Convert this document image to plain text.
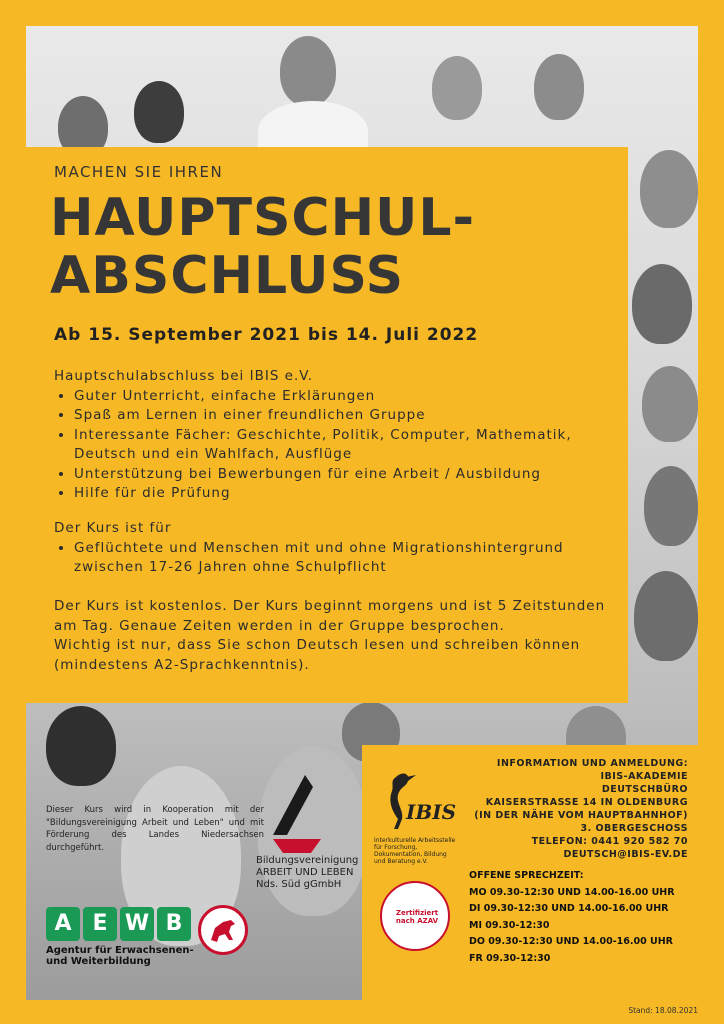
MACHEN SIE IHREN
HAUPTSCHUL-
ABSCHLUSS
Ab 15. September 2021 bis 14. Juli 2022
Hauptschulabschluss bei IBIS e.V.
• Guter Unterricht, einfache Erklärungen
• Spaß am Lernen in einer freundlichen Gruppe
• Interessante Fächer: Geschichte, Politik, Computer, Mathematik, Deutsch und ein Wahlfach, Ausflüge
• Unterstützung bei Bewerbungen für eine Arbeit / Ausbildung
• Hilfe für die Prüfung
Der Kurs ist für
• Geflüchtete und Menschen mit und ohne Migrationshintergrund zwischen 17-26 Jahren ohne Schulpflicht
Der Kurs ist kostenlos. Der Kurs beginnt morgens und ist 5 Zeitstunden am Tag. Genaue Zeiten werden in der Gruppe besprochen.
Wichtig ist nur, dass Sie schon Deutsch lesen und schreiben können (mindestens A2-Sprachkenntnis).
Dieser Kurs wird in Kooperation mit der "Bildungsvereinigung Arbeit und Leben" und mit Förderung des Landes Niedersachsen durchgeführt.
A E W B
Agentur für Erwachsenen-
und Weiterbildung
Bildungsvereinigung
ARBEIT UND LEBEN
Nds. Süd gGmbH
IBIS
Interkulturelle Arbeitsstelle für Forschung, Dokumentation, Bildung und Beratung e.V.
INFORMATION UND ANMELDUNG:
IBIS-AKADEMIE
DEUTSCHBÜRO
KAISERSTRASSE 14 IN OLDENBURG
(IN DER NÄHE VOM HAUPTBAHNHOF)
3. OBERGESCHOSS
TELEFON: 0441 920 582 70
DEUTSCH@IBIS-EV.DE
Zertifiziert nach AZAV
OFFENE SPRECHZEIT:
MO 09.30-12:30 UND 14.00-16.00 UHR
DI 09.30-12:30 UND 14.00-16.00 UHR
MI 09.30-12:30
DO 09.30-12:30 UND 14.00-16.00 UHR
FR 09.30-12:30
Stand: 18.08.2021
